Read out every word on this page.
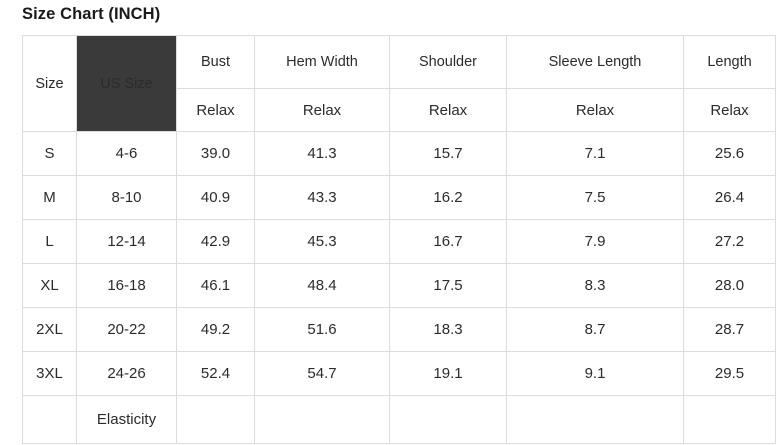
Size Chart (INCH)
Size	US Size	Bust	Hem Width	Shoulder	Sleeve Length	Length
		Relax	Relax	Relax	Relax	Relax
S	4-6	39.0	41.3	15.7	7.1	25.6
M	8-10	40.9	43.3	16.2	7.5	26.4
L	12-14	42.9	45.3	16.7	7.9	27.2
XL	16-18	46.1	48.4	17.5	8.3	28.0
2XL	20-22	49.2	51.6	18.3	8.7	28.7
3XL	24-26	52.4	54.7	19.1	9.1	29.5
	Elasticity					
